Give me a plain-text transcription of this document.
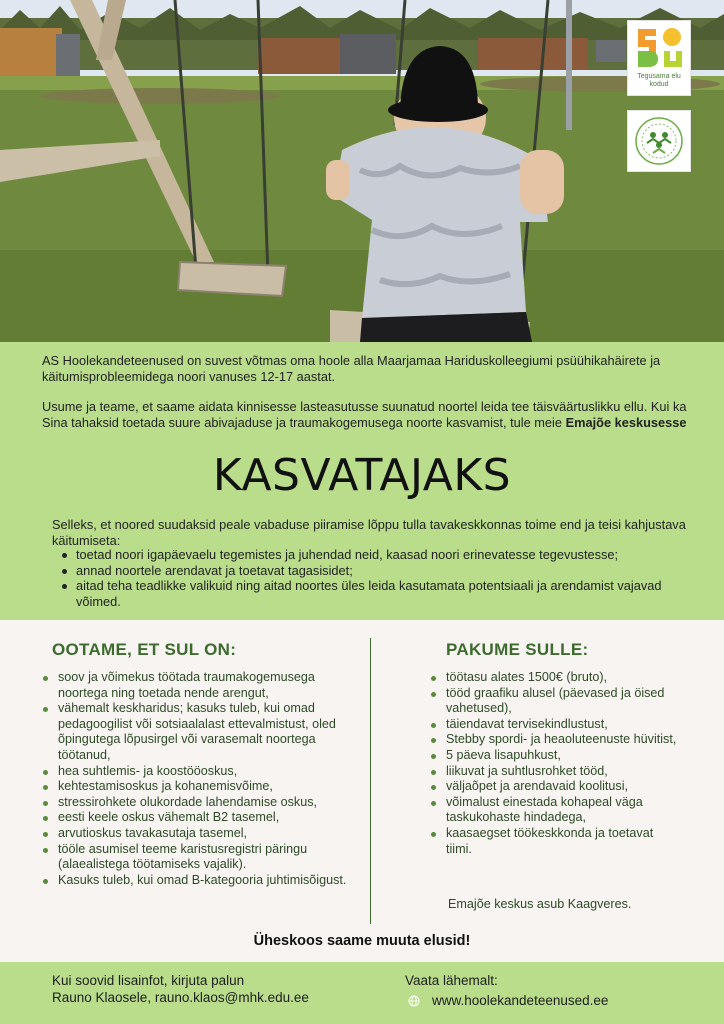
Tegusama elu kodud

AS Hoolekandeteenused on suvest võtmas oma hoole alla Maarjamaa Hariduskolleegiumi psüühikahäirete ja käitumisprobleemidega noori vanuses 12-17 aastat.

Usume ja teame, et saame aidata kinnisesse lasteasutusse suunatud noortel leida tee täisväärtuslikku ellu. Kui ka Sina tahaksid toetada suure abivajaduse ja traumakogemusega noorte kasvamist, tule meie Emajõe keskusesse

KASVATAJAKS

Selleks, et noored suudaksid peale vabaduse piiramise lõppu tulla tavakeskkonnas toime end ja teisi kahjustava käitumiseta:

toetad noori igapäevaelu tegemistes ja juhendad neid, kaasad noori erinevatesse tegevustesse;
annad noortele arendavat ja toetavat tagasisidet;
aitad teha teadlikke valikuid ning aitad noortes üles leida kasutamata potentsiaali ja arendamist vajavad võimed.
OOTAME, ET SUL ON:	PAKUME SULLE:
soov ja võimekus töötada traumakogemusega noortega ning toetada nende arengut,
vähemalt keskharidus; kasuks tuleb, kui omad pedagoogilist või sotsiaalalast ettevalmistust, oled õpingutega lõpusirgel või varasemalt noortega töötanud,
hea suhtlemis- ja koostööoskus,
kehtestamisoskus ja kohanemisvõime,
stressirohkete olukordade lahendamise oskus,
eesti keele oskus vähemalt B2 tasemel,
arvutioskus tavakasutaja tasemel,
tööle asumisel teeme karistusregistri päringu (alaealistega töötamiseks vajalik).
Kasuks tuleb, kui omad B-kategooria juhtimisõigust.
töötasu alates 1500€ (bruto),
tööd graafiku alusel (päevased ja öised vahetused),
täiendavat tervisekindlustust,
Stebby spordi- ja heaoluteenuste hüvitist,
5 päeva lisapuhkust,
liikuvat ja suhtlusrohket tööd,
väljaõpet ja arendavaid koolitusi,
võimalust einestada kohapeal väga taskukohaste hindadega,
kaasaegset töökeskkonda ja toetavat tiimi.
Emajõe keskus asub Kaagveres.
Üheskoos saame muuta elusid!
Kui soovid lisainfot, kirjuta palun
Rauno Klaosele, rauno.klaos@mhk.edu.ee
Vaata lähemalt:
www.hoolekandeteenused.ee
